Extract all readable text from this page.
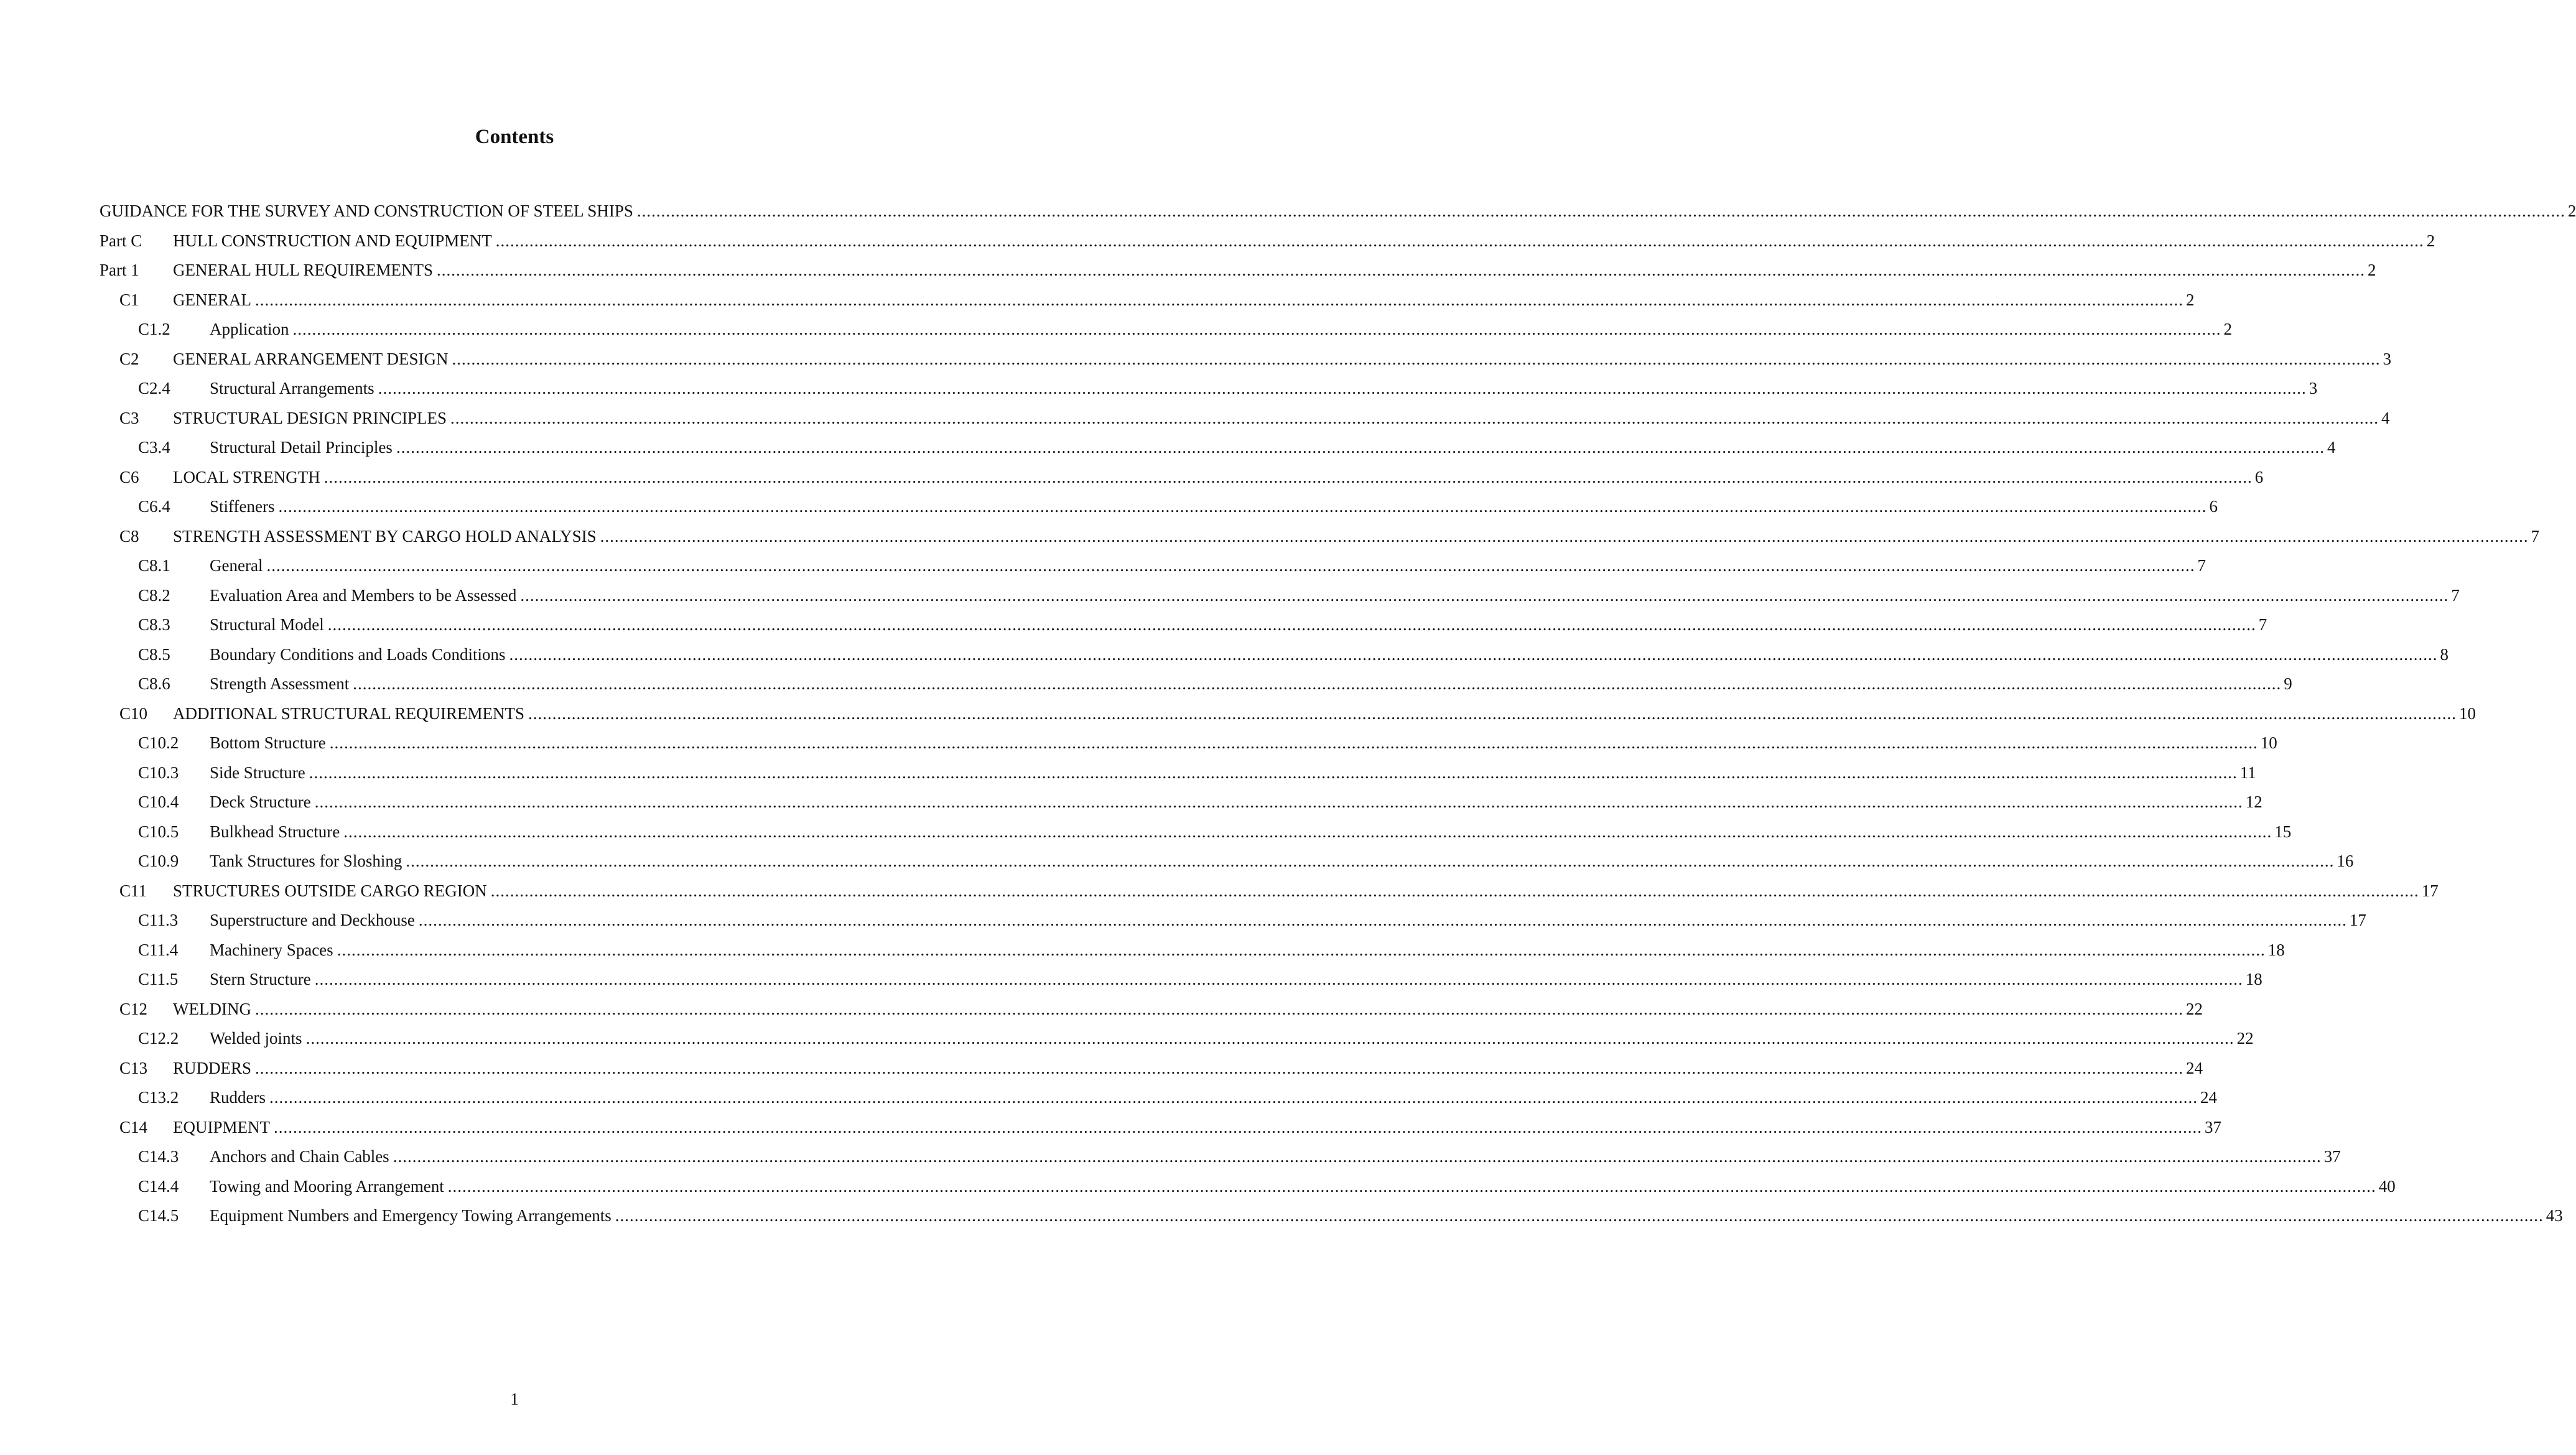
Contents
GUIDANCE FOR THE SURVEY AND CONSTRUCTION OF STEEL SHIPS ................................................................................................................................................................................................................................................................................................................................................................................................................ 2
Part C	HULL CONSTRUCTION AND EQUIPMENT ................................................................................................................................................................................................................................................................................................................................................................................................................ 2
Part 1	GENERAL HULL REQUIREMENTS ................................................................................................................................................................................................................................................................................................................................................................................................................ 2
C1	GENERAL ................................................................................................................................................................................................................................................................................................................................................................................................................ 2
C1.2	Application ................................................................................................................................................................................................................................................................................................................................................................................................................ 2
C2	GENERAL ARRANGEMENT DESIGN ................................................................................................................................................................................................................................................................................................................................................................................................................ 3
C2.4	Structural Arrangements ................................................................................................................................................................................................................................................................................................................................................................................................................ 3
C3	STRUCTURAL DESIGN PRINCIPLES ................................................................................................................................................................................................................................................................................................................................................................................................................ 4
C3.4	Structural Detail Principles ................................................................................................................................................................................................................................................................................................................................................................................................................ 4
C6	LOCAL STRENGTH ................................................................................................................................................................................................................................................................................................................................................................................................................ 6
C6.4	Stiffeners ................................................................................................................................................................................................................................................................................................................................................................................................................ 6
C8	STRENGTH ASSESSMENT BY CARGO HOLD ANALYSIS ................................................................................................................................................................................................................................................................................................................................................................................................................ 7
C8.1	General ................................................................................................................................................................................................................................................................................................................................................................................................................ 7
C8.2	Evaluation Area and Members to be Assessed ................................................................................................................................................................................................................................................................................................................................................................................................................ 7
C8.3	Structural Model ................................................................................................................................................................................................................................................................................................................................................................................................................ 7
C8.5	Boundary Conditions and Loads Conditions ................................................................................................................................................................................................................................................................................................................................................................................................................ 8
C8.6	Strength Assessment ................................................................................................................................................................................................................................................................................................................................................................................................................ 9
C10	ADDITIONAL STRUCTURAL REQUIREMENTS ................................................................................................................................................................................................................................................................................................................................................................................................................ 10
C10.2	Bottom Structure ................................................................................................................................................................................................................................................................................................................................................................................................................ 10
C10.3	Side Structure ................................................................................................................................................................................................................................................................................................................................................................................................................ 11
C10.4	Deck Structure ................................................................................................................................................................................................................................................................................................................................................................................................................ 12
C10.5	Bulkhead Structure ................................................................................................................................................................................................................................................................................................................................................................................................................ 15
C10.9	Tank Structures for Sloshing ................................................................................................................................................................................................................................................................................................................................................................................................................ 16
C11	STRUCTURES OUTSIDE CARGO REGION ................................................................................................................................................................................................................................................................................................................................................................................................................ 17
C11.3	Superstructure and Deckhouse ................................................................................................................................................................................................................................................................................................................................................................................................................ 17
C11.4	Machinery Spaces ................................................................................................................................................................................................................................................................................................................................................................................................................ 18
C11.5	Stern Structure ................................................................................................................................................................................................................................................................................................................................................................................................................ 18
C12	WELDING ................................................................................................................................................................................................................................................................................................................................................................................................................ 22
C12.2	Welded joints ................................................................................................................................................................................................................................................................................................................................................................................................................ 22
C13	RUDDERS ................................................................................................................................................................................................................................................................................................................................................................................................................ 24
C13.2	Rudders ................................................................................................................................................................................................................................................................................................................................................................................................................ 24
C14	EQUIPMENT ................................................................................................................................................................................................................................................................................................................................................................................................................ 37
C14.3	Anchors and Chain Cables ................................................................................................................................................................................................................................................................................................................................................................................................................ 37
C14.4	Towing and Mooring Arrangement ................................................................................................................................................................................................................................................................................................................................................................................................................ 40
C14.5	Equipment Numbers and Emergency Towing Arrangements ................................................................................................................................................................................................................................................................................................................................................................................................................ 43
1
